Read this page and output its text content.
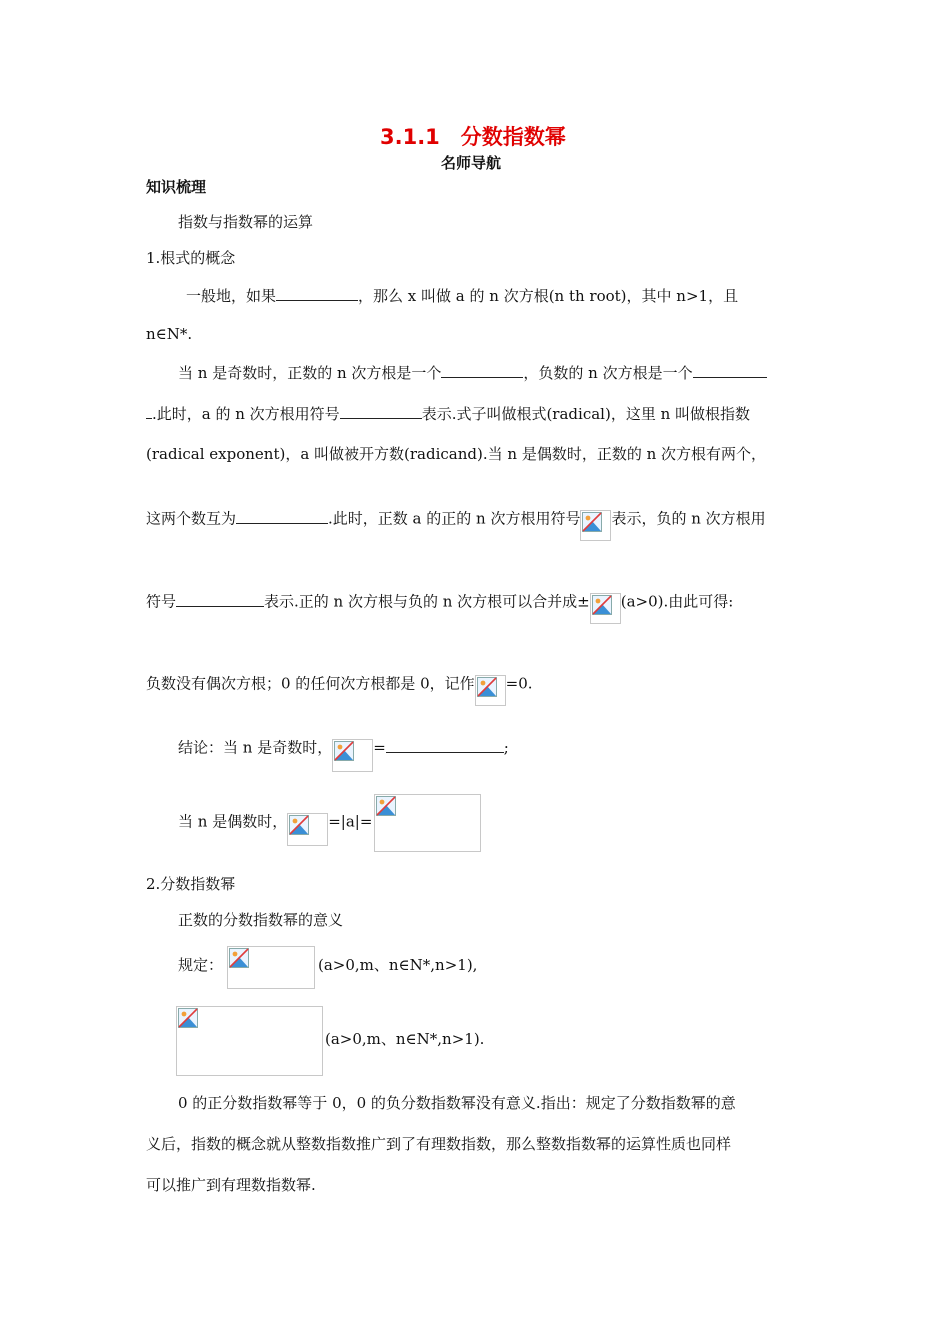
3.1.1　分数指数幂
名师导航
知识梳理
指数与指数幂的运算
1.根式的概念
一般地，如果	，那么 x 叫做 a 的 n 次方根(n th root)，其中 n>1，且
n∈N*.
当 n 是奇数时，正数的 n 次方根是一个	，负数的 n 次方根是一个
.此时，a 的 n 次方根用符号	表示.式子叫做根式(radical)，这里 n 叫做根指数
(radical exponent)，a 叫做被开方数(radicand).当 n 是偶数时，正数的 n 次方根有两个，
这两个数互为	.此时，正数 a 的正的 n 次方根用符号 表示，负的 n 次方根用
符号	表示.正的 n 次方根与负的 n 次方根可以合并成± (a>0).由此可得:
负数没有偶次方根；0 的任何次方根都是 0，记作 =0.
结论：当 n 是奇数时，	=	;
当 n 是偶数时，	=|a|=
2.分数指数幂
正数的分数指数幂的意义
规定：	(a>0,m、n∈N*,n>1),
(a>0,m、n∈N*,n>1).
0 的正分数指数幂等于 0，0 的负分数指数幂没有意义.指出：规定了分数指数幂的意
义后，指数的概念就从整数指数推广到了有理数指数，那么整数指数幂的运算性质也同样
可以推广到有理数指数幂.
